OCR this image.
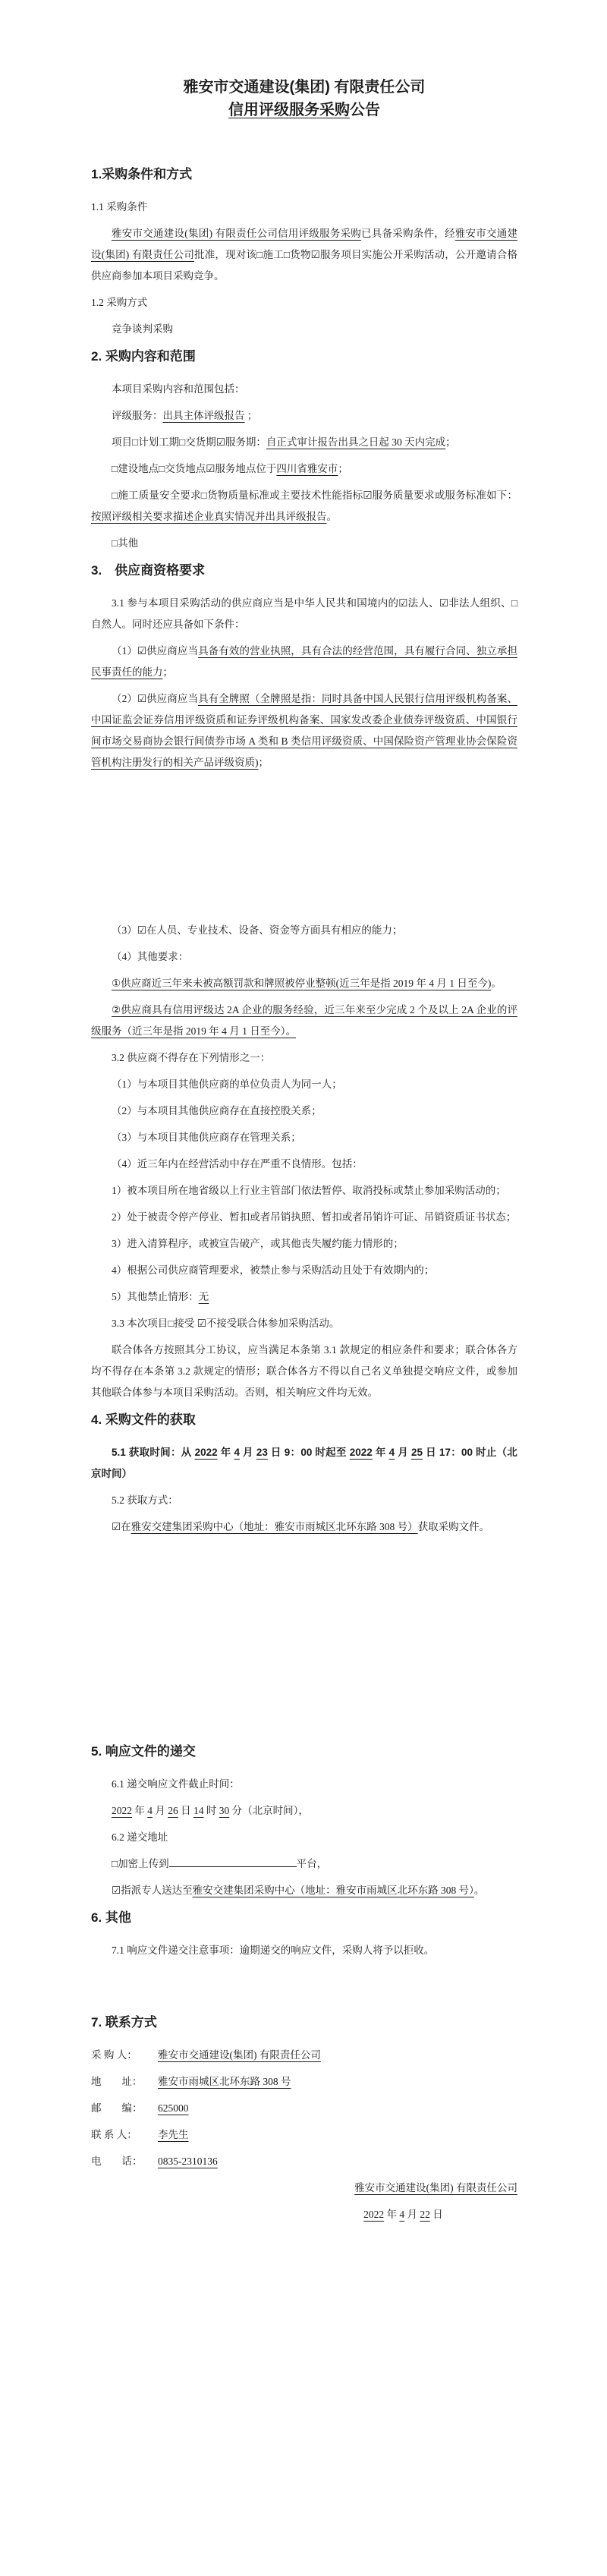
雅安市交通建设(集团) 有限责任公司
信用评级服务采购公告
1.采购条件和方式

1.1 采购条件

雅安市交通建设(集团) 有限责任公司信用评级服务采购已具备采购条件，经雅安市交通建设(集团) 有限责任公司批准，现对该□施工□货物☑服务项目实施公开采购活动，公开邀请合格供应商参加本项目采购竞争。

1.2 采购方式

竞争谈判采购

2. 采购内容和范围

本项目采购内容和范围包括：

评级服务：出具主体评级报告 ；

项目□计划工期□交货期☑服务期：自正式审计报告出具之日起 30 天内完成；

□建设地点□交货地点☑服务地点位于四川省雅安市；

□施工质量安全要求□货物质量标准或主要技术性能指标☑服务质量要求或服务标准如下：按照评级相关要求描述企业真实情况并出具评级报告。

□其他

3.　供应商资格要求

3.1 参与本项目采购活动的供应商应当是中华人民共和国境内的☑法人、☑非法人组织、□自然人。同时还应具备如下条件：

（1）☑供应商应当具备有效的营业执照，具有合法的经营范围，具有履行合同、独立承担民事责任的能力；

（2）☑供应商应当具有全牌照（全牌照是指：同时具备中国人民银行信用评级机构备案、中国证监会证券信用评级资质和证券评级机构备案、国家发改委企业债券评级资质、中国银行间市场交易商协会银行间债券市场 A 类和 B 类信用评级资质、中国保险资产管理业协会保险资管机构注册发行的相关产品评级资质)；

（3）☑在人员、专业技术、设备、资金等方面具有相应的能力；

（4）其他要求：

①供应商近三年来未被高额罚款和牌照被停业整顿(近三年是指 2019 年 4 月 1 日至今)。

②供应商具有信用评级达 2A 企业的服务经验，近三年来至少完成 2 个及以上 2A 企业的评级服务（近三年是指 2019 年 4 月 1 日至今）。

3.2 供应商不得存在下列情形之一：

（1）与本项目其他供应商的单位负责人为同一人；

（2）与本项目其他供应商存在直接控股关系；

（3）与本项目其他供应商存在管理关系；

（4）近三年内在经营活动中存在严重不良情形。包括：

1）被本项目所在地省级以上行业主管部门依法暂停、取消投标或禁止参加采购活动的；

2）处于被责令停产停业、暂扣或者吊销执照、暂扣或者吊销许可证、吊销资质证书状态；

3）进入清算程序，或被宣告破产，或其他丧失履约能力情形的；

4）根据公司供应商管理要求，被禁止参与采购活动且处于有效期内的；

5）其他禁止情形：无

3.3 本次项目□接受 ☑不接受联合体参加采购活动。

联合体各方按照其分工协议，应当满足本条第 3.1 款规定的相应条件和要求；联合体各方均不得存在本条第 3.2 款规定的情形；联合体各方不得以自己名义单独提交响应文件，或参加其他联合体参与本项目采购活动。否则，相关响应文件均无效。

4. 采购文件的获取

5.1 获取时间：从 2022 年 4 月 23 日 9：00 时起至 2022 年 4 月 25 日 17：00 时止（北京时间）

5.2 获取方式：

☑在雅安交建集团采购中心（地址：雅安市雨城区北环东路 308 号）获取采购文件。

5. 响应文件的递交

6.1 递交响应文件截止时间：

2022 年 4 月 26 日 14 时 30 分（北京时间），

6.2 递交地址

□加密上传到	平台，

☑指派专人送达至雅安交建集团采购中心（地址：雅安市雨城区北环东路 308 号）。

6. 其他

7.1 响应文件递交注意事项：逾期递交的响应文件，采购人将予以拒收。

7. 联系方式

采 购 人： 雅安市交通建设(集团) 有限责任公司

地　　址： 雅安市雨城区北环东路 308 号

邮　　编： 625000

联 系 人： 李先生

电　　话： 0835-2310136

雅安市交通建设(集团) 有限责任公司
2022 年 4 月 22 日
